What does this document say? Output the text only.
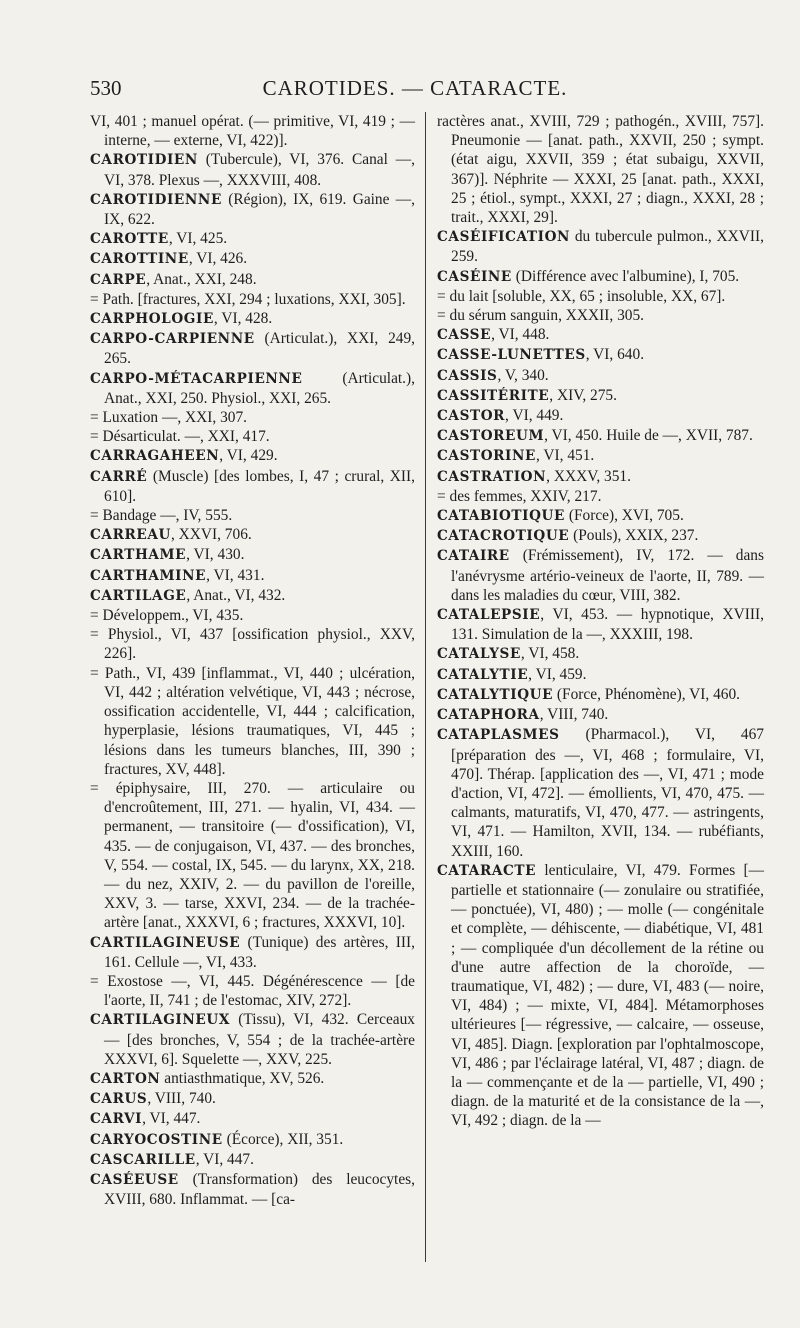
530	CAROTIDES. — CATARACTE.

VI, 401 ; manuel opérat. (— primitive, VI, 419 ; — interne, — externe, VI, 422)].

CAROTIDIEN (Tubercule), VI, 376. Canal —, VI, 378. Plexus —, XXXVIII, 408.

CAROTIDIENNE (Région), IX, 619. Gaine —, IX, 622.

CAROTTE, VI, 425.

CAROTTINE, VI, 426.

CARPE, Anat., XXI, 248.

= Path. [fractures, XXI, 294 ; luxations, XXI, 305].

CARPHOLOGIE, VI, 428.

CARPO-CARPIENNE (Articulat.), XXI, 249, 265.

CARPO-MÉTACARPIENNE (Articulat.), Anat., XXI, 250. Physiol., XXI, 265.

= Luxation —, XXI, 307.

= Désarticulat. —, XXI, 417.

CARRAGAHEEN, VI, 429.

CARRÉ (Muscle) [des lombes, I, 47 ; crural, XII, 610].

= Bandage —, IV, 555.

CARREAU, XXVI, 706.

CARTHAME, VI, 430.

CARTHAMINE, VI, 431.

CARTILAGE, Anat., VI, 432.

= Développem., VI, 435.

= Physiol., VI, 437 [ossification physiol., XXV, 226].

= Path., VI, 439 [inflammat., VI, 440 ; ulcération, VI, 442 ; altération velvétique, VI, 443 ; nécrose, ossification accidentelle, VI, 444 ; calcification, hyperplasie, lésions traumatiques, VI, 445 ; lésions dans les tumeurs blanches, III, 390 ; fractures, XV, 448].

= épiphysaire, III, 270. — articulaire ou d'encroûtement, III, 271. — hyalin, VI, 434. — permanent, — transitoire (— d'ossification), VI, 435. — de conjugaison, VI, 437. — des bronches, V, 554. — costal, IX, 545. — du larynx, XX, 218. — du nez, XXIV, 2. — du pavillon de l'oreille, XXV, 3. — tarse, XXVI, 234. — de la trachée-artère [anat., XXXVI, 6 ; fractures, XXXVI, 10].

CARTILAGINEUSE (Tunique) des artères, III, 161. Cellule —, VI, 433.

= Exostose —, VI, 445. Dégénérescence — [de l'aorte, II, 741 ; de l'estomac, XIV, 272].

CARTILAGINEUX (Tissu), VI, 432. Cerceaux — [des bronches, V, 554 ; de la trachée-artère XXXVI, 6]. Squelette —, XXV, 225.

CARTON antiasthmatique, XV, 526.

CARUS, VIII, 740.

CARVI, VI, 447.

CARYOCOSTINE (Écorce), XII, 351.

CASCARILLE, VI, 447.

CASÉEUSE (Transformation) des leucocytes, XVIII, 680. Inflammat. — [ca-

ractères anat., XVIII, 729 ; pathogén., XVIII, 757]. Pneumonie — [anat. path., XXVII, 250 ; sympt. (état aigu, XXVII, 359 ; état subaigu, XXVII, 367)]. Néphrite — XXXI, 25 [anat. path., XXXI, 25 ; étiol., sympt., XXXI, 27 ; diagn., XXXI, 28 ; trait., XXXI, 29].

CASÉIFICATION du tubercule pulmon., XXVII, 259.

CASÉINE (Différence avec l'albumine), I, 705.

= du lait [soluble, XX, 65 ; insoluble, XX, 67].

= du sérum sanguin, XXXII, 305.

CASSE, VI, 448.

CASSE-LUNETTES, VI, 640.

CASSIS, V, 340.

CASSITÉRITE, XIV, 275.

CASTOR, VI, 449.

CASTOREUM, VI, 450. Huile de —, XVII, 787.

CASTORINE, VI, 451.

CASTRATION, XXXV, 351.

= des femmes, XXIV, 217.

CATABIOTIQUE (Force), XVI, 705.

CATACROTIQUE (Pouls), XXIX, 237.

CATAIRE (Frémissement), IV, 172. — dans l'anévrysme artério-veineux de l'aorte, II, 789. — dans les maladies du cœur, VIII, 382.

CATALEPSIE, VI, 453. — hypnotique, XVIII, 131. Simulation de la —, XXXIII, 198.

CATALYSE, VI, 458.

CATALYTIE, VI, 459.

CATALYTIQUE (Force, Phénomène), VI, 460.

CATAPHORA, VIII, 740.

CATAPLASMES (Pharmacol.), VI, 467 [préparation des —, VI, 468 ; formulaire, VI, 470]. Thérap. [application des —, VI, 471 ; mode d'action, VI, 472]. — émollients, VI, 470, 475. — calmants, maturatifs, VI, 470, 477. — astringents, VI, 471. — Hamilton, XVII, 134. — rubéfiants, XXIII, 160.

CATARACTE lenticulaire, VI, 479. Formes [— partielle et stationnaire (— zonulaire ou stratifiée, — ponctuée), VI, 480) ; — molle (— congénitale et complète, — déhiscente, — diabétique, VI, 481 ; — compliquée d'un décollement de la rétine ou d'une autre affection de la choroïde, — traumatique, VI, 482) ; — dure, VI, 483 (— noire, VI, 484) ; — mixte, VI, 484]. Métamorphoses ultérieures [— régressive, — calcaire, — osseuse, VI, 485]. Diagn. [exploration par l'ophtalmoscope, VI, 486 ; par l'éclairage latéral, VI, 487 ; diagn. de la — commençante et de la — partielle, VI, 490 ; diagn. de la maturité et de la consistance de la —, VI, 492 ; diagn. de la —
